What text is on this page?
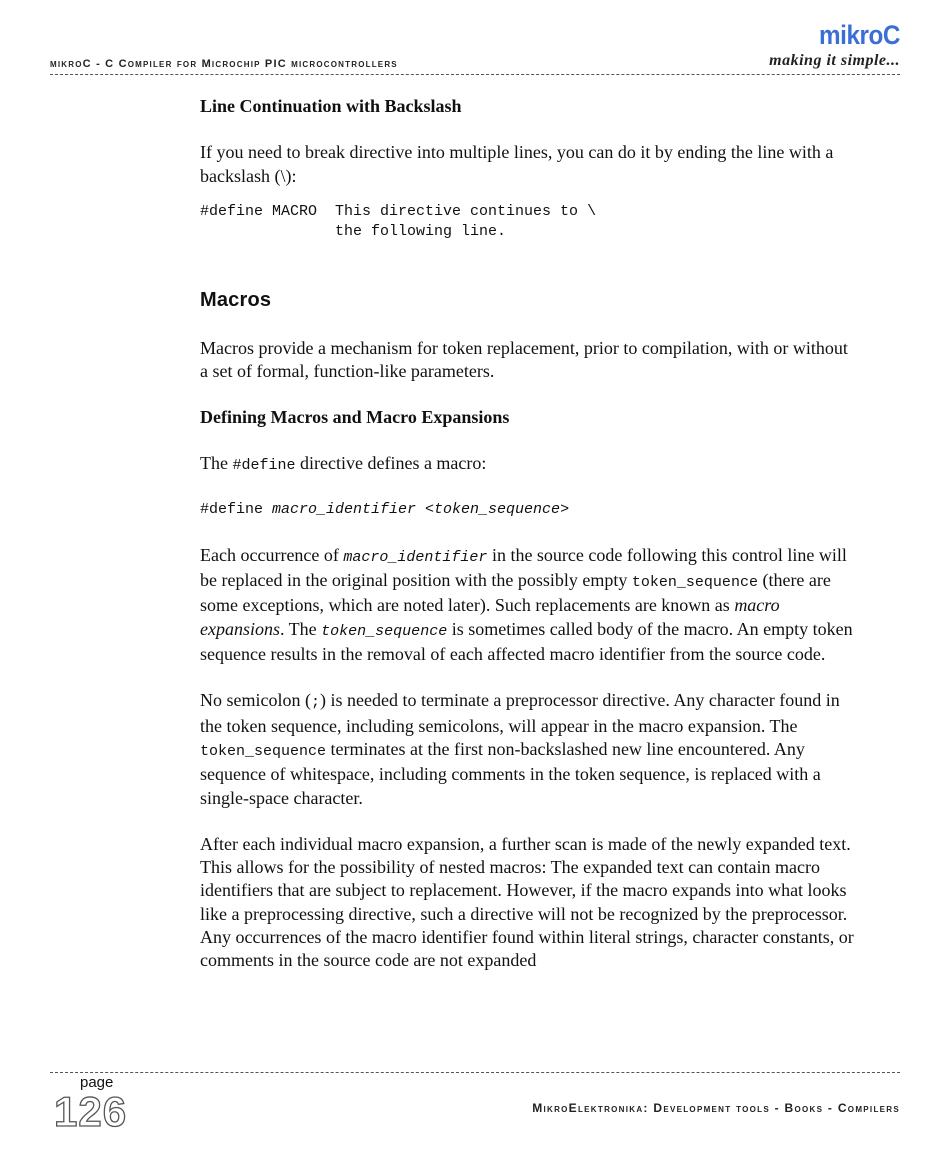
mikroC - C Compiler for Microchip PIC microcontrollers
mikroC
making it simple...
Line Continuation with Backslash

If you need to break directive into multiple lines, you can do it by ending the line with a backslash (\):

#define MACRO  This directive continues to \
the following line.
Macros

Macros provide a mechanism for token replacement, prior to compilation, with or without a set of formal, function-like parameters.

Defining Macros and Macro Expansions

The #define directive defines a macro:

#define macro_identifier <token_sequence>

Each occurrence of macro_identifier in the source code following this control line will be replaced in the original position with the possibly empty token_sequence (there are some exceptions, which are noted later). Such replacements are known as macro expansions. The token_sequence is sometimes called body of the macro. An empty token sequence results in the removal of each affected macro identifier from the source code.

No semicolon (;) is needed to terminate a preprocessor directive. Any character found in the token sequence, including semicolons, will appear in the macro expansion. The token_sequence terminates at the first non-backslashed new line encountered. Any sequence of whitespace, including comments in the token sequence, is replaced with a single-space character.

After each individual macro expansion, a further scan is made of the newly expanded text. This allows for the possibility of nested macros: The expanded text can contain macro identifiers that are subject to replacement. However, if the macro expands into what looks like a preprocessing directive, such a directive will not be recognized by the preprocessor. Any occurrences of the macro identifier found within literal strings, character constants, or comments in the source code are not expanded

page
126	MikroElektronika: Development tools - Books - Compilers
